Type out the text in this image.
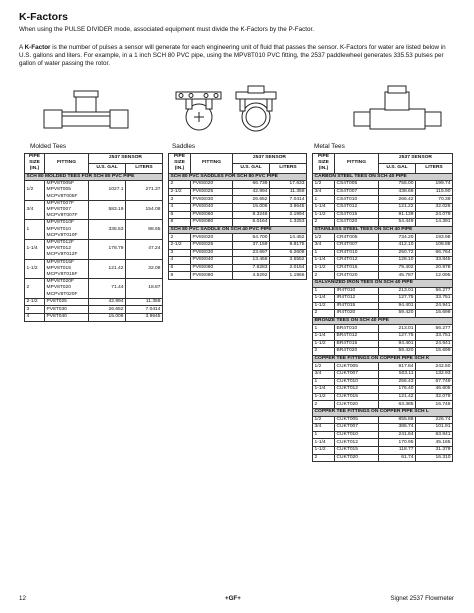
K-Factors
When using the PULSE DIVIDER mode, associated equipment must divide the K-Factors by the P-Factor.
A K-Factor is the number of pulses a sensor will generate for each engineering unit of fluid that passes the sensor. K-Factors for water are listed below in U.S. gallons and liters. For example, in a 1 inch SCH 80 PVC pipe, using the MPV8T010 PVC fitting, the 2537 paddlewheel generates 335.53 pulses per gallon of water passing the rotor.
Molded Tees	Saddles	Metal Tees
PIPE SIZE (IN.)	FITTING	2537 SENSOR	
		U.S. GAL	LITERS
SCH 80 MOLDED TEES FOR SCH 80 PVC PIPE			
1/2	MPV8T005F
MPV8T005
MCPV8T005F	1027.1	271.37
3/4	MPV8T007F
MPV8T007
MCPV8T007F	583.19	154.08
1	MPV8T010F
MPV8T010
MCPV8T010F	335.53	88.65
1-1/4	MPV8T012F
MPV8T012
MCPV8T012F	178.79	47.24
1-1/2	MPV8T015F
MPV8T015
MCPV8T015F	121.42	32.08
2	MPV8T020F
MPV8T020
MCPV8T020F	71.44	18.87
2-1/2	PV8T025	42.994	11.359
3	PV8T030	26.652	7.0414
4	PV8T040	15.006	3.9645
PIPE SIZE (IN.)	FITTING	2537 SENSOR	
		U.S. GAL	LITERS
SCH 80 PVC SADDLES FOR SCH 80 PVC PIPE			
2	PV8S020	66.739	17.633
2-1/2	PV8S025	42.994	11.359
3	PV8S030	26.652	7.0414
4	PV8S040	15.006	3.9645
6	PV8S060	8.3246	2.1994
8	PV8S080	5.0164	1.3253
SCH 80 PVC SADDLE ON SCH 40 PVC PIPE			
2	PV8S020	54.700	14.452
2-1/2	PV8S025	37.159	9.8175
3	PV8S030	23.697	6.2608
4	PV8S040	13.456	3.5552
6	PV8S060	7.6283	2.0154
8	PV8S080	4.5292	1.1966
PIPE SIZE (IN.)	FITTING	2537 SENSOR	
		U.S. GAL	LITERS
CARBON STEEL TEES ON SCH 40 PIPE			
1/2	CS4T005	756.00	199.74
3/4	CS4T007	438.69	115.90
1	CS4T010	266.42	70.39
1-1/4	CS4T012	121.22	32.026
1-1/2	CS4T015	91.139	24.079
2	CS4T020	54.449	14.391
STAINLESS STEEL TEES ON SCH 40 PIPE			
1/2	CR4T005	734.20	193.98
3/4	CR4T007	412.10	108.88
1	CR4T010	250.72	66.764
1-1/4	CR4T012	128.10	33.845
1-1/2	CR4T015	79.402	20.978
2	CR4T020	45.787	12.095
GALVANIZED IRON TEES ON SCH 40 PIPE			
1	IR4T010	213.01	56.277
1-1/4	IR4T012	127.75	33.751
1-1/2	IR4T015	94.401	24.941
2	IR4T020	59.420	15.699
BRONZE TEES ON SCH 40 PIPE			
1	BR4T010	213.01	56.277
1-1/4	BR4T012	127.75	33.751
1-1/2	BR4T015	94.401	24.941
2	BR4T020	59.420	15.699
COPPER TEE FITTINGS ON COPPER PIPE SCH K			
1/2	CUKT005	917.84	242.50
3/4	CUKT007	503.11	132.93
1	CUKT010	256.43	67.749
1-1/4	CUKT012	176.40	46.605
1-1/2	CUKT015	121.42	32.079
2	CUKT020	63.385	16.746
COPPER TEE FITTINGS ON COPPER PIPE SCH L			
1/2	CUKT005	855.88	226.74
3/4	CUKT007	385.74	101.91
1	CUKT010	241.64	63.841
1-1/4	CUKT012	170.95	45.165
1-1/2	CUKT015	118.77	31.379
2	CUKT020	61.74	16.310
12	+GF+	Signet 2537 Flowmeter
